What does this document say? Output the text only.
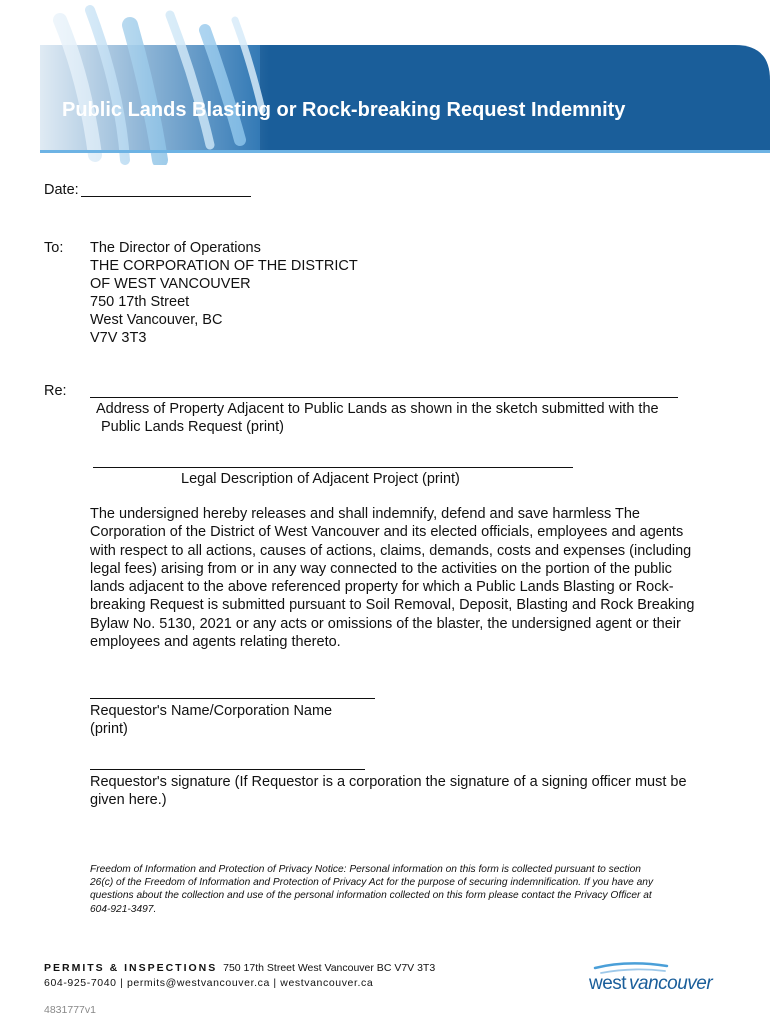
Public Lands Blasting or Rock-breaking Request Indemnity
Date:
To: The Director of Operations
THE CORPORATION OF THE DISTRICT
OF WEST VANCOUVER
750 17th Street
West Vancouver, BC
V7V 3T3
Re:
Address of Property Adjacent to Public Lands as shown in the sketch submitted with the
Public Lands Request (print)
Legal Description of Adjacent Project (print)
The undersigned hereby releases and shall indemnify, defend and save harmless The
Corporation of the District of West Vancouver and its elected officials, employees and agents
with respect to all actions, causes of actions, claims, demands, costs and expenses (including
legal fees) arising from or in any way connected to the activities on the portion of the public
lands adjacent to the above referenced property for which a Public Lands Blasting or Rock-
breaking Request is submitted pursuant to Soil Removal, Deposit, Blasting and Rock Breaking
Bylaw No. 5130, 2021 or any acts or omissions of the blaster, the undersigned agent or their
employees and agents relating thereto.
Requestor's Name/Corporation Name
(print)
Requestor's signature (If Requestor is a corporation the signature of a signing officer must be
given here.)
Freedom of Information and Protection of Privacy Notice: Personal information on this form is collected pursuant to section
26(c) of the Freedom of Information and Protection of Privacy Act for the purpose of securing indemnification. If you have any
questions about the collection and use of the personal information collected on this form please contact the Privacy Officer at
604-921-3497.
PERMITS & INSPECTIONS 750 17th Street West Vancouver BC V7V 3T3
604-925-7040 | permits@westvancouver.ca | westvancouver.ca
4831777v1
west vancouver
